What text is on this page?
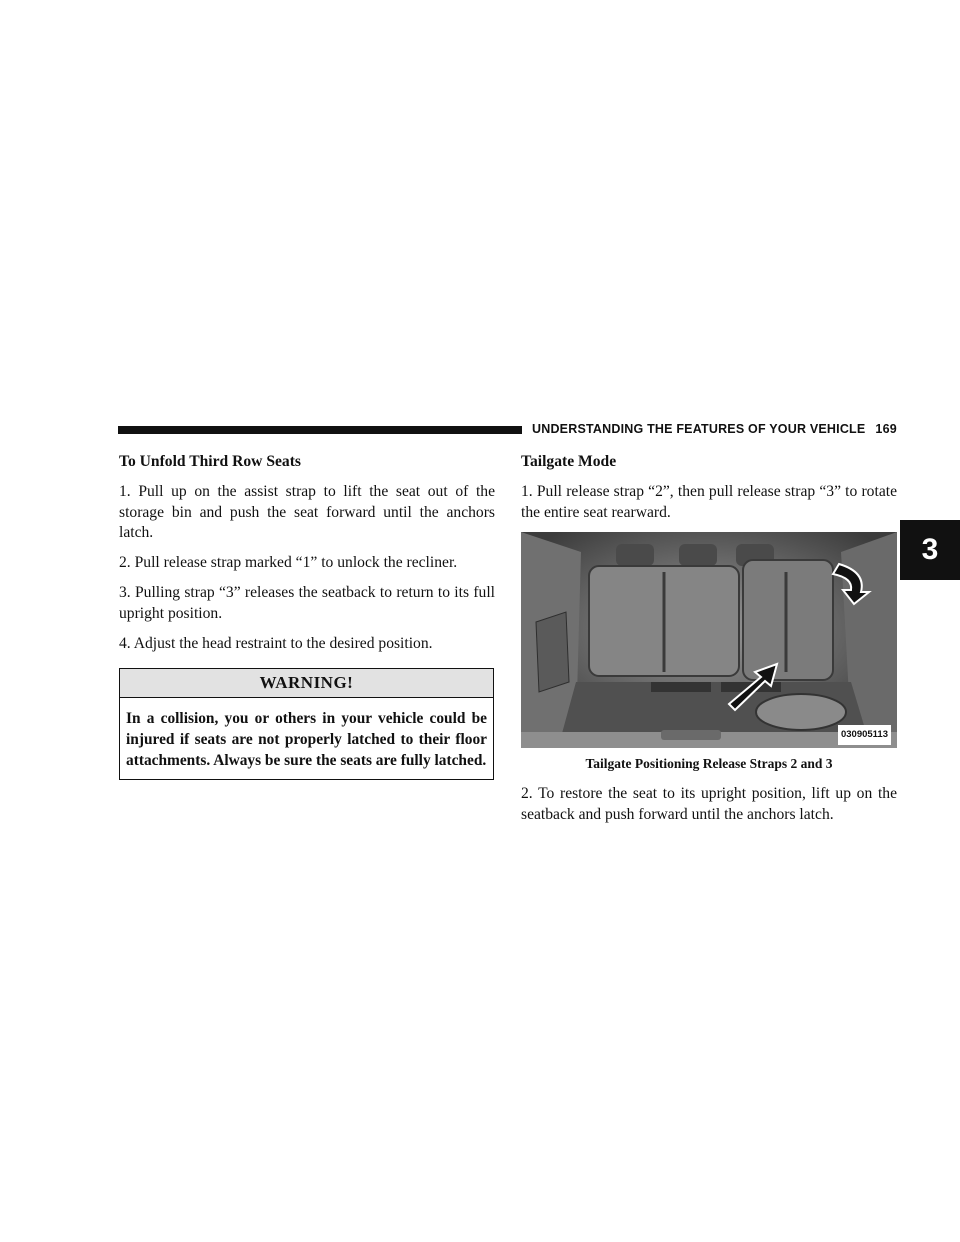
UNDERSTANDING THE FEATURES OF YOUR VEHICLE 169
3
To Unfold Third Row Seats

1. Pull up on the assist strap to lift the seat out of the storage bin and push the seat forward until the anchors latch.

2. Pull release strap marked “1” to unlock the recliner.

3. Pulling strap “3” releases the seatback to return to its full upright position.

4. Adjust the head restraint to the desired position.

WARNING!
In a collision, you or others in your vehicle could be injured if seats are not properly latched to their floor attachments. Always be sure the seats are fully latched.
Tailgate Mode

1. Pull release strap “2”, then pull release strap “3” to rotate the entire seat rearward.

030905113
Tailgate Positioning Release Straps 2 and 3

2. To restore the seat to its upright position, lift up on the seatback and push forward until the anchors latch.
